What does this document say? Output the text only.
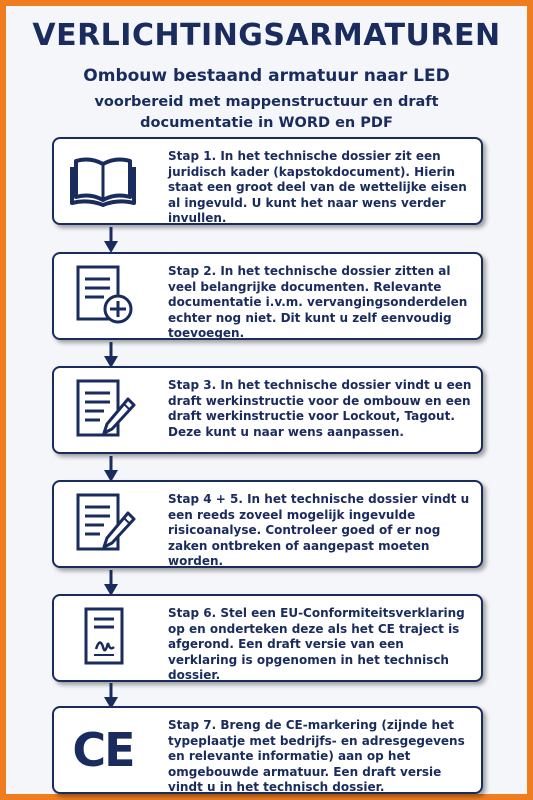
VERLICHTINGSARMATUREN
Ombouw bestaand armatuur naar LED
voorbereid met mappenstructuur en draft documentatie in WORD en PDF
Stap 1. In het technische dossier zit een juridisch kader (kapstokdocument). Hierin staat een groot deel van de wettelijke eisen al ingevuld. U kunt het naar wens verder invullen.
Stap 2. In het technische dossier zitten al veel belangrijke documenten. Relevante documentatie i.v.m. vervangingsonderdelen echter nog niet. Dit kunt u zelf eenvoudig toevoegen.
Stap 3. In het technische dossier vindt u een draft werkinstructie voor de ombouw en een draft werkinstructie voor Lockout, Tagout. Deze kunt u naar wens aanpassen.
Stap 4 + 5. In het technische dossier vindt u een reeds zoveel mogelijk ingevulde risicoanalyse. Controleer goed of er nog zaken ontbreken of aangepast moeten worden.
Stap 6. Stel een EU-Conformiteitsverklaring op en onderteken deze als het CE traject is afgerond. Een draft versie van een verklaring is opgenomen in het technisch dossier.
CE	Stap 7. Breng de CE-markering (zijnde het typeplaatje met bedrijfs- en adresgegevens en relevante informatie) aan op het omgebouwde armatuur. Een draft versie vindt u in het technisch dossier.
